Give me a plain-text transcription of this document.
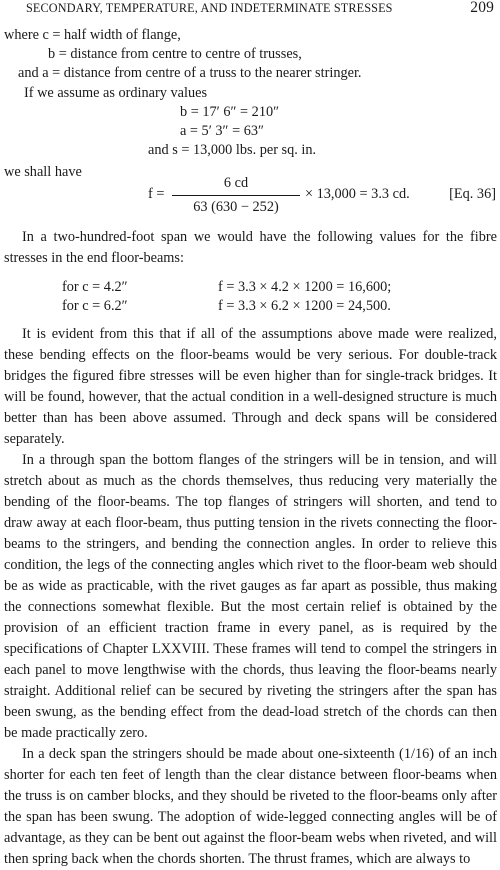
SECONDARY, TEMPERATURE, AND INDETERMINATE STRESSES	209
where c = half width of flange,
b = distance from centre to centre of trusses,
and a = distance from centre of a truss to the nearer stringer.
If we assume as ordinary values
b = 17′ 6″ = 210″
a = 5′ 3″ = 63″
and s = 13,000 lbs. per sq. in.
we shall have
f =
6 cd
63 (630 − 252)
× 13,000 = 3.3 cd.	[Eq. 36]

In a two-hundred-foot span we would have the following values for the fibre stresses in the end floor-beams:

for c = 4.2″	f = 3.3 × 4.2 × 1200 = 16,600;
for c = 6.2″	f = 3.3 × 6.2 × 1200 = 24,500.

It is evident from this that if all of the assumptions above made were realized, these bending effects on the floor-beams would be very serious. For double-track bridges the figured fibre stresses will be even higher than for single-track bridges. It will be found, however, that the actual condition in a well-designed structure is much better than has been above assumed. Through and deck spans will be considered separately.

In a through span the bottom flanges of the stringers will be in tension, and will stretch about as much as the chords themselves, thus reducing very materially the bending of the floor-beams. The top flanges of stringers will shorten, and tend to draw away at each floor-beam, thus putting tension in the rivets connecting the floor-beams to the stringers, and bending the connection angles. In order to relieve this condition, the legs of the connecting angles which rivet to the floor-beam web should be as wide as practicable, with the rivet gauges as far apart as possible, thus making the connections somewhat flexible. But the most certain relief is obtained by the provision of an efficient traction frame in every panel, as is required by the specifications of Chapter LXXVIII. These frames will tend to compel the stringers in each panel to move lengthwise with the chords, thus leaving the floor-beams nearly straight. Additional relief can be secured by riveting the stringers after the span has been swung, as the bending effect from the dead-load stretch of the chords can then be made practically zero.

In a deck span the stringers should be made about one-sixteenth (1/16) of an inch shorter for each ten feet of length than the clear distance between floor-beams when the truss is on camber blocks, and they should be riveted to the floor-beams only after the span has been swung. The adoption of wide-legged connecting angles will be of advantage, as they can be bent out against the floor-beam webs when riveted, and will then spring back when the chords shorten. The thrust frames, which are always to
